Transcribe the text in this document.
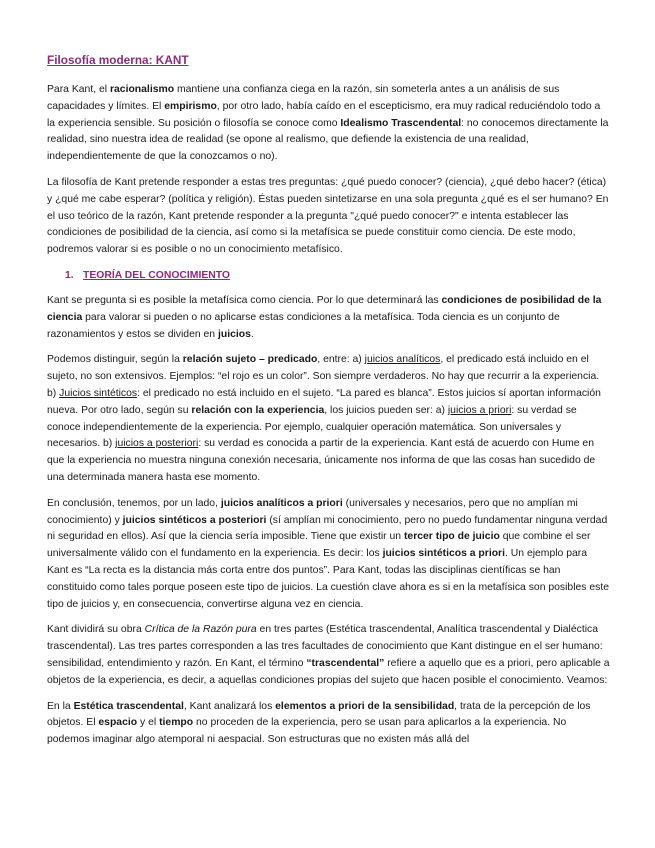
Filosofía moderna: KANT

Para Kant, el racionalismo mantiene una confianza ciega en la razón, sin someterla antes a un análisis de sus capacidades y límites. El empirismo, por otro lado, había caído en el escepticismo, era muy radical reduciéndolo todo a la experiencia sensible. Su posición o filosofía se conoce como Idealismo Trascendental: no conocemos directamente la realidad, sino nuestra idea de realidad (se opone al realismo, que defiende la existencia de una realidad, independientemente de que la conozcamos o no).

La filosofía de Kant pretende responder a estas tres preguntas: ¿qué puedo conocer? (ciencia), ¿qué debo hacer? (ética) y ¿qué me cabe esperar? (política y religión). Éstas pueden sintetizarse en una sola pregunta ¿qué es el ser humano? En el uso teórico de la razón, Kant pretende responder a la pregunta "¿qué puedo conocer?" e intenta establecer las condiciones de posibilidad de la ciencia, así como si la metafísica se puede constituir como ciencia. De este modo, podremos valorar si es posible o no un conocimiento metafísico.

1. TEORÍA DEL CONOCIMIENTO

Kant se pregunta si es posible la metafísica como ciencia. Por lo que determinará las condiciones de posibilidad de la ciencia para valorar si pueden o no aplicarse estas condiciones a la metafísica. Toda ciencia es un conjunto de razonamientos y estos se dividen en juicios.

Podemos distinguir, según la relación sujeto – predicado, entre: a) juicios analíticos, el predicado está incluido en el sujeto, no son extensivos. Ejemplos: “el rojo es un color”. Son siempre verdaderos. No hay que recurrir a la experiencia. b) Juicios sintéticos: el predicado no está incluido en el sujeto. “La pared es blanca”. Estos juicios sí aportan información nueva. Por otro lado, según su relación con la experiencia, los juicios pueden ser: a) juicios a priori: su verdad se conoce independientemente de la experiencia. Por ejemplo, cualquier operación matemática. Son universales y necesarios. b) juicios a posteriori: su verdad es conocida a partir de la experiencia. Kant está de acuerdo con Hume en que la experiencia no muestra ninguna conexión necesaria, únicamente nos informa de que las cosas han sucedido de una determinada manera hasta ese momento.

En conclusión, tenemos, por un lado, juicios analíticos a priori (universales y necesarios, pero que no amplían mi conocimiento) y juicios sintéticos a posteriori (sí amplían mi conocimiento, pero no puedo fundamentar ninguna verdad ni seguridad en ellos). Así que la ciencia sería imposible. Tiene que existir un tercer tipo de juicio que combine el ser universalmente válido con el fundamento en la experiencia. Es decir: los juicios sintéticos a priori. Un ejemplo para Kant es “La recta es la distancia más corta entre dos puntos”. Para Kant, todas las disciplinas científicas se han constituido como tales porque poseen este tipo de juicios. La cuestión clave ahora es si en la metafísica son posibles este tipo de juicios y, en consecuencia, convertirse alguna vez en ciencia.

Kant dividirá su obra Crítica de la Razón pura en tres partes (Estética trascendental, Analítica trascendental y Dialéctica trascendental). Las tres partes corresponden a las tres facultades de conocimiento que Kant distingue en el ser humano: sensibilidad, entendimiento y razón. En Kant, el término “trascendental” refiere a aquello que es a priori, pero aplicable a objetos de la experiencia, es decir, a aquellas condiciones propias del sujeto que hacen posible el conocimiento. Veamos:

En la Estética trascendental, Kant analizará los elementos a priori de la sensibilidad, trata de la percepción de los objetos. El espacio y el tiempo no proceden de la experiencia, pero se usan para aplicarlos a la experiencia. No podemos imaginar algo atemporal ni aespacial. Son estructuras que no existen más allá del
